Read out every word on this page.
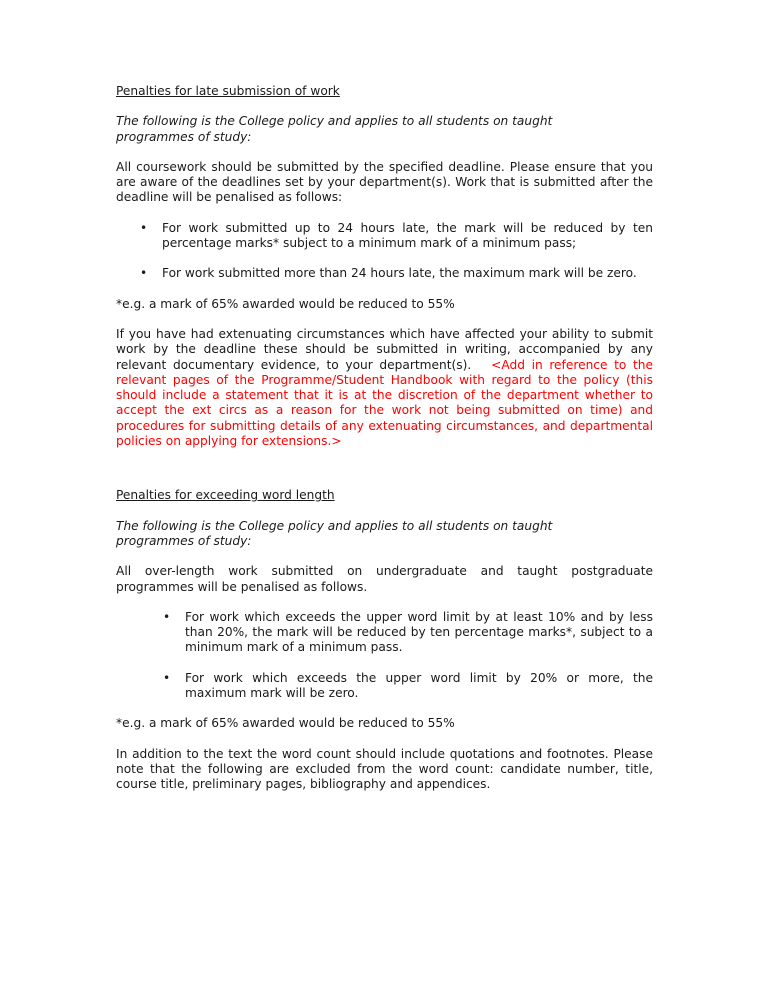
Penalties for late submission of work

The following is the College policy and applies to all students on taught programmes of study:

All coursework should be submitted by the specified deadline. Please ensure that you are aware of the deadlines set by your department(s). Work that is submitted after the deadline will be penalised as follows:

• For work submitted up to 24 hours late, the mark will be reduced by ten percentage marks* subject to a minimum mark of a minimum pass;
• For work submitted more than 24 hours late, the maximum mark will be zero.

*e.g. a mark of 65% awarded would be reduced to 55%

If you have had extenuating circumstances which have affected your ability to submit work by the deadline these should be submitted in writing, accompanied by any relevant documentary evidence, to your department(s).   <Add in reference to the relevant pages of the Programme/Student Handbook with regard to the policy (this should include a statement that it is at the discretion of the department whether to accept the ext circs as a reason for the work not being submitted on time) and procedures for submitting details of any extenuating circumstances, and departmental policies on applying for extensions.>

Penalties for exceeding word length

The following is the College policy and applies to all students on taught programmes of study:

All over-length work submitted on undergraduate and taught postgraduate programmes will be penalised as follows.

• For work which exceeds the upper word limit by at least 10% and by less than 20%, the mark will be reduced by ten percentage marks*, subject to a minimum mark of a minimum pass.
• For work which exceeds the upper word limit by 20% or more, the maximum mark will be zero.

*e.g. a mark of 65% awarded would be reduced to 55%

In addition to the text the word count should include quotations and footnotes. Please note that the following are excluded from the word count: candidate number, title, course title, preliminary pages, bibliography and appendices.
